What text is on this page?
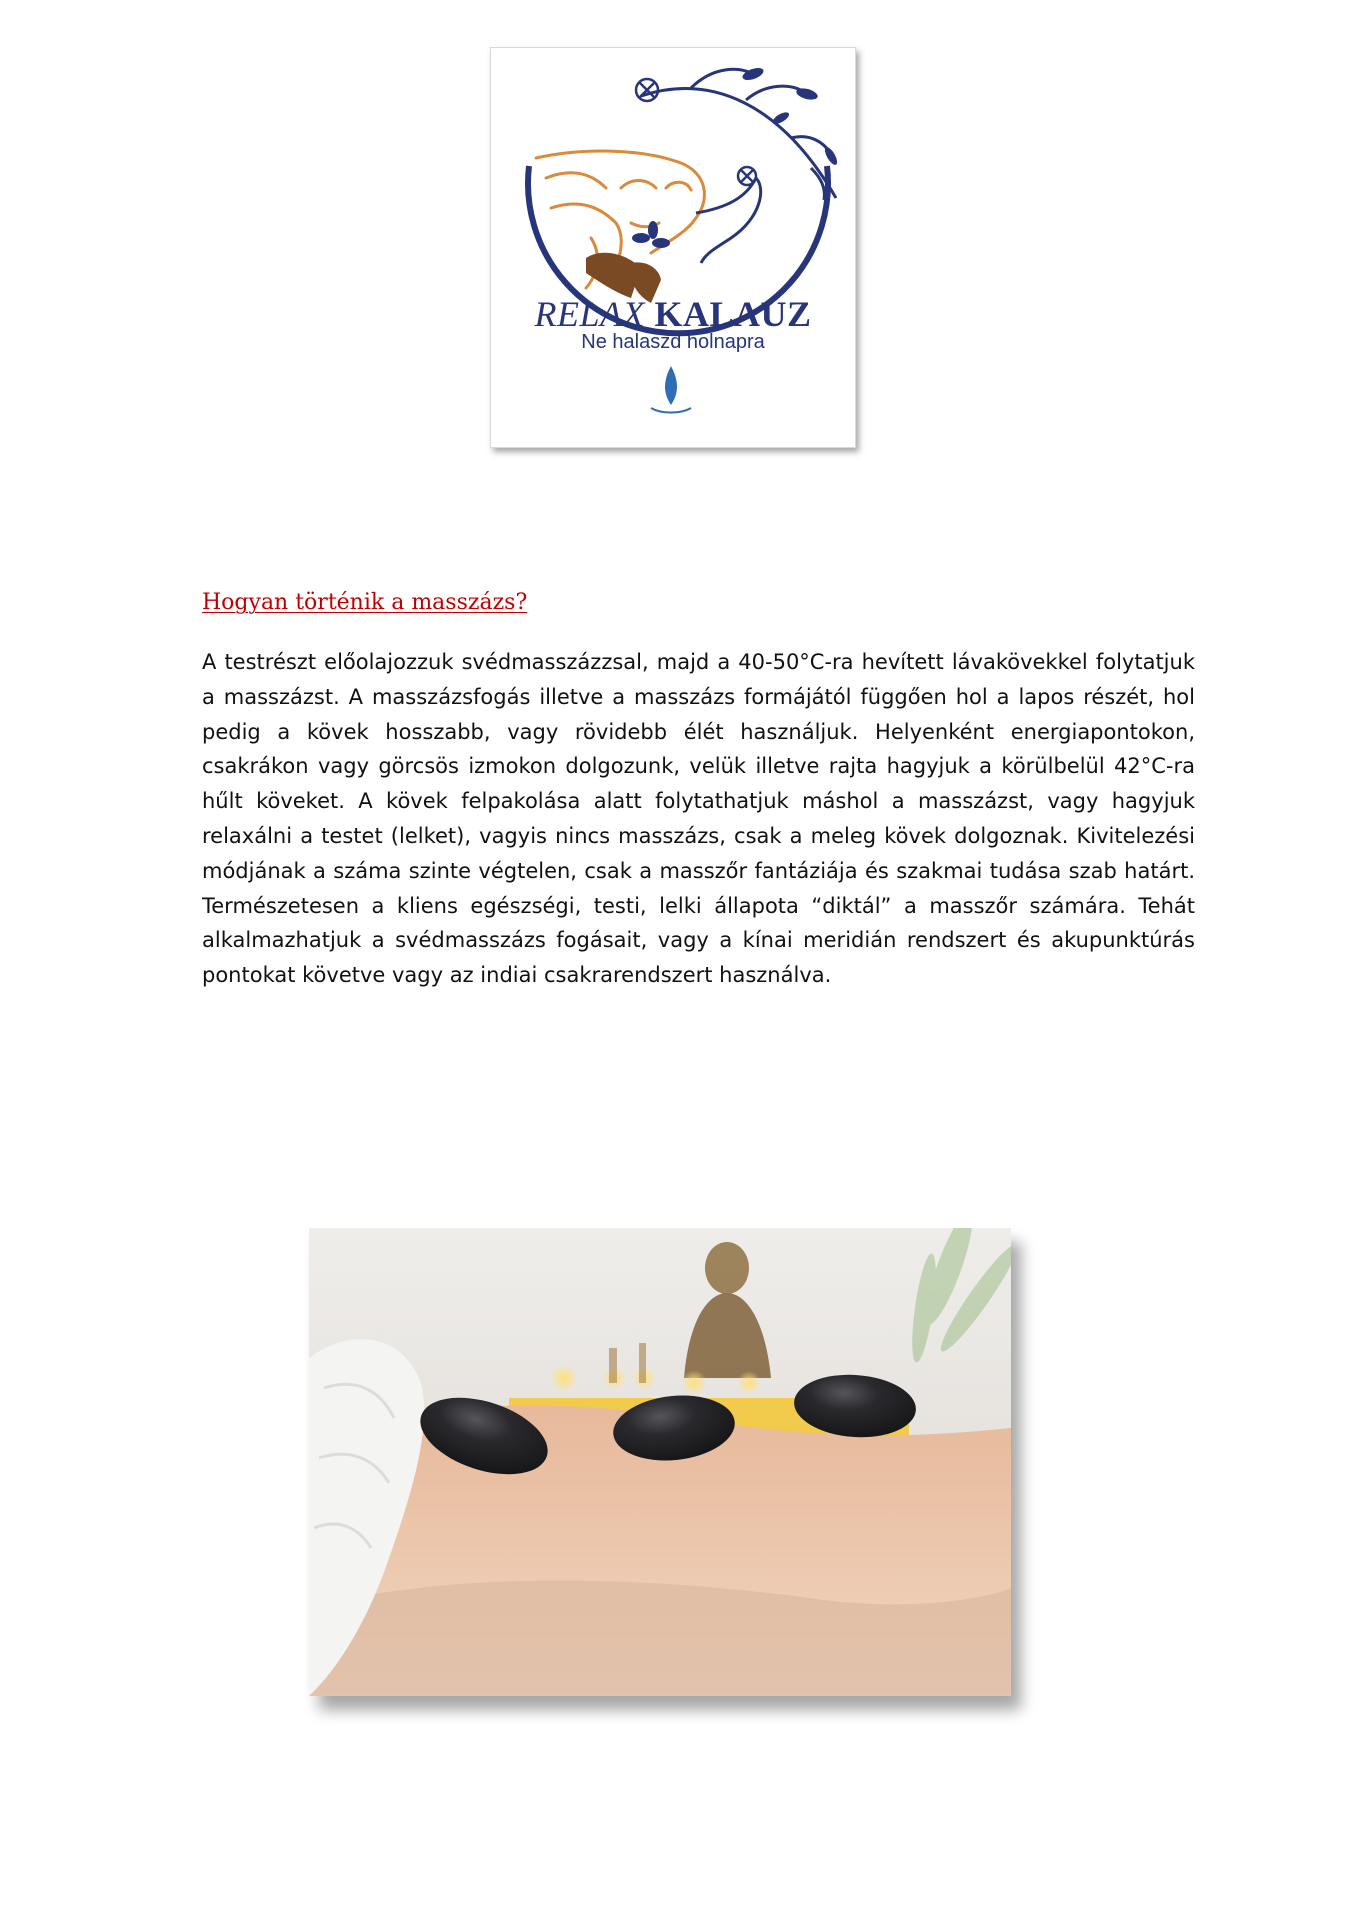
RELAX KALAUZ
Ne halaszd holnapra
Hogyan történik a masszázs?

A testrészt előolajozzuk svédmasszázzsal, majd a 40-50°C-ra hevített lávakövekkel folytatjuk a masszázst. A masszázsfogás illetve a masszázs formájától függően hol a lapos részét, hol pedig a kövek hosszabb, vagy rövidebb élét használjuk. Helyenként energiapontokon, csakrákon vagy görcsös izmokon dolgozunk, velük illetve rajta hagyjuk a körülbelül 42°C-ra hűlt köveket. A kövek felpakolása alatt folytathatjuk máshol a masszázst, vagy hagyjuk relaxálni a testet (lelket), vagyis nincs masszázs, csak a meleg kövek dolgoznak. Kivitelezési módjának a száma szinte végtelen, csak a masszőr fantáziája és szakmai tudása szab határt. Természetesen a kliens egészségi, testi, lelki állapota “diktál” a masszőr számára. Tehát alkalmazhatjuk a svédmasszázs fogásait, vagy a kínai meridián rendszert és akupunktúrás pontokat követve vagy az indiai csakrarendszert használva.
